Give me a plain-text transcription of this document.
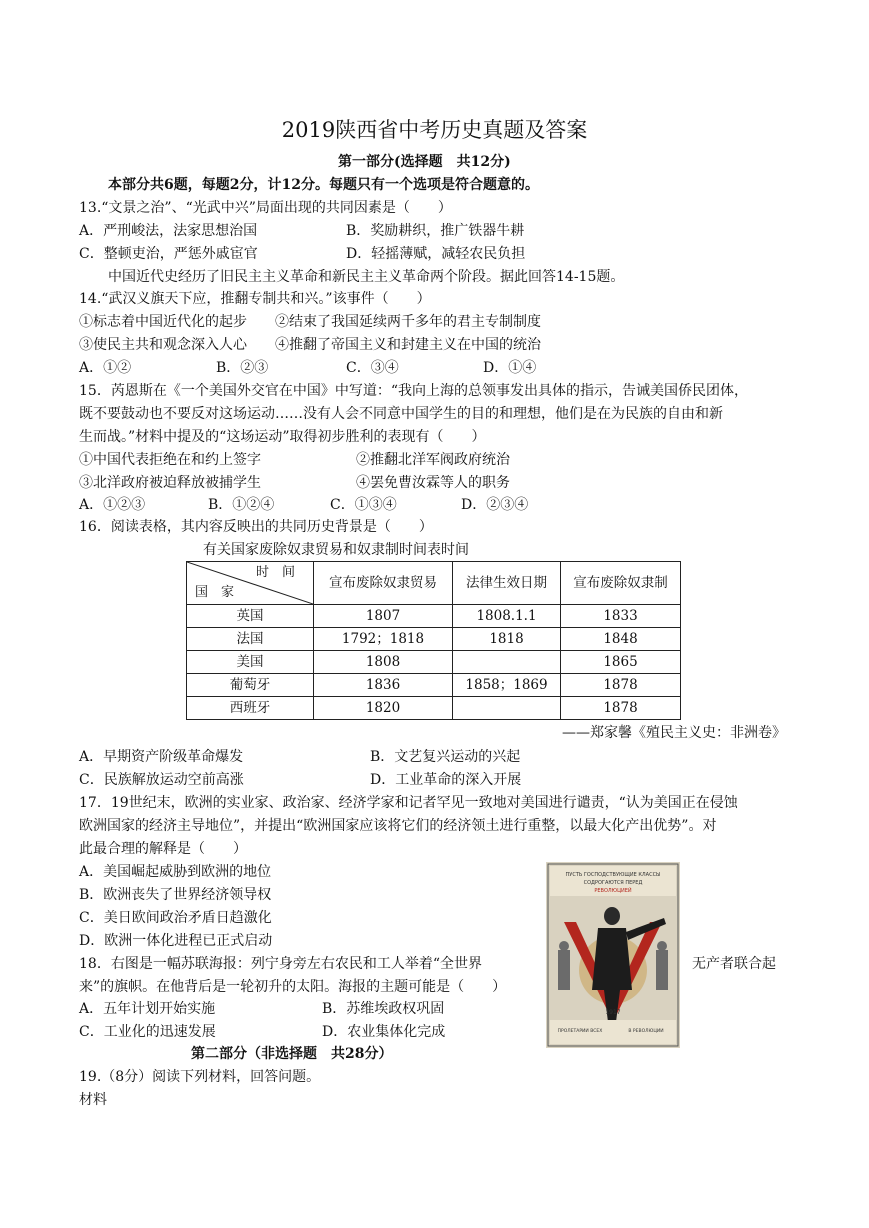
2019陕西省中考历史真题及答案
第一部分(选择题　共12分)
本部分共6题，每题2分，计12分。每题只有一个选项是符合题意的。
13.“文景之治”、“光武中兴”局面出现的共同因素是（　　）
A．严刑峻法，法家思想治国	B．奖励耕织，推广铁器牛耕
C．整顿吏治，严惩外戚宦官	D．轻摇薄赋，减轻农民负担
中国近代史经历了旧民主主义革命和新民主主义革命两个阶段。据此回答14-15题。
14.“武汉义旗天下应，推翻专制共和兴。”该事件（　　）
①标志着中国近代化的起步　　②结束了我国延续两千多年的君主专制制度
③使民主共和观念深入人心　　④推翻了帝国主义和封建主义在中国的统治
A．①②	B．②③	C．③④	D．①④
15．芮恩斯在《一个美国外交官在中国》中写道：“我向上海的总领事发出具体的指示，告诫美国侨民团体，
既不要鼓动也不要反对这场运动……没有人会不同意中国学生的目的和理想，他们是在为民族的自由和新
生而战。”材料中提及的“这场运动”取得初步胜利的表现有（　　）
①中国代表拒绝在和约上签字	②推翻北洋军阀政府统治
③北洋政府被迫释放被捕学生	④罢免曹汝霖等人的职务
A．①②③	B．①②④	C．①③④	D．②③④
16．阅读表格，其内容反映出的共同历史背景是（　　）
有关国家废除奴隶贸易和奴隶制时间表时间
时　间
国　家	宣布废除奴隶贸易	法律生效日期	宣布废除奴隶制
英国	1807	1808.1.1	1833
法国	1792；1818	1818	1848
美国	1808		1865
葡萄牙	1836	1858；1869	1878
西班牙	1820		1878
——郑家馨《殖民主义史：非洲卷》
A．早期资产阶级革命爆发	B．文艺复兴运动的兴起
C．民族解放运动空前高涨	D．工业革命的深入开展
17．19世纪末，欧洲的实业家、政治家、经济学家和记者罕见一致地对美国进行谴责，“认为美国正在侵蚀
欧洲国家的经济主导地位”，并提出“欧洲国家应该将它们的经济领土进行重整，以最大化产出优势”。对
此最合理的解释是（　　）
A．美国崛起威胁到欧洲的地位
B．欧洲丧失了世界经济领导权
C．美日欧间政治矛盾日趋激化
D．欧洲一体化进程已正式启动
18．右图是一幅苏联海报：列宁身旁左右农民和工人举着“全世界	无产者联合起
来”的旗帜。在他背后是一轮初升的太阳。海报的主题可能是（　　）
A．五年计划开始实施	B．苏维埃政权巩固
C．工业化的迅速发展	D．农业集体化完成
ПУСТЬ ГОСПОДСТВУЮЩИЕ КЛАССЫ
СОДРОГАЮТСЯ ПЕРЕД
РЕВОЛЮЦИЕЙ
1917
ПРОЛЕТАРИИ ВСЕХ	В РЕВОЛЮЦИИ
第二部分（非选择题　共28分）
19.（8分）阅读下列材料，回答问题。
材料
